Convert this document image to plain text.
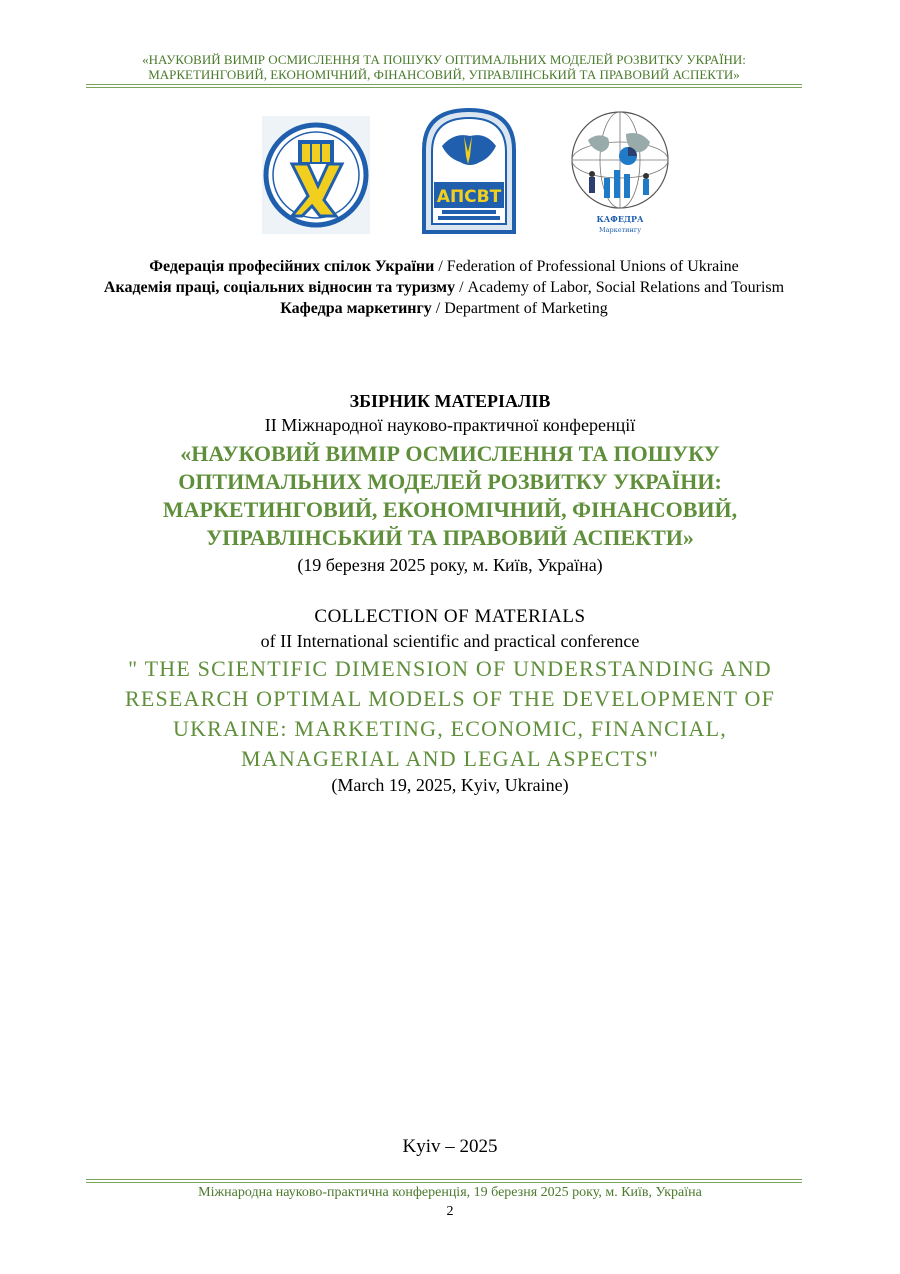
«НАУКОВИЙ ВИМІР ОСМИСЛЕННЯ ТА ПОШУКУ ОПТИМАЛЬНИХ МОДЕЛЕЙ РОЗВИТКУ УКРАЇНИ:
МАРКЕТИНГОВИЙ, ЕКОНОМІЧНИЙ, ФІНАНСОВИЙ, УПРАВЛІНСЬКИЙ ТА ПРАВОВИЙ АСПЕКТИ»
АПСВТ
КАФЕДРА
Маркетингу
Федерація професійних спілок України / Federation of Professional Unions of Ukraine
Академія праці, соціальних відносин та туризму / Academy of Labor, Social Relations and Tourism
Кафедра маркетингу / Department of Marketing
ЗБІРНИК МАТЕРІАЛІВ
ІІ Міжнародної науково-практичної конференції
«НАУКОВИЙ ВИМІР ОСМИСЛЕННЯ ТА ПОШУКУ
ОПТИМАЛЬНИХ МОДЕЛЕЙ РОЗВИТКУ УКРАЇНИ:
МАРКЕТИНГОВИЙ, ЕКОНОМІЧНИЙ, ФІНАНСОВИЙ,
УПРАВЛІНСЬКИЙ ТА ПРАВОВИЙ АСПЕКТИ»
(19 березня 2025 року, м. Київ, Україна)
COLLECTION OF MATERIALS
of II International scientific and practical conference
" THE SCIENTIFIC DIMENSION OF UNDERSTANDING AND
RESEARCH OPTIMAL MODELS OF THE DEVELOPMENT OF
UKRAINE: MARKETING, ECONOMIC, FINANCIAL,
MANAGERIAL AND LEGAL ASPECTS"
(March 19, 2025, Kyiv, Ukraine)
Kyiv – 2025
Міжнародна науково-практична конференція, 19 березня 2025 року, м. Київ, Україна
2
